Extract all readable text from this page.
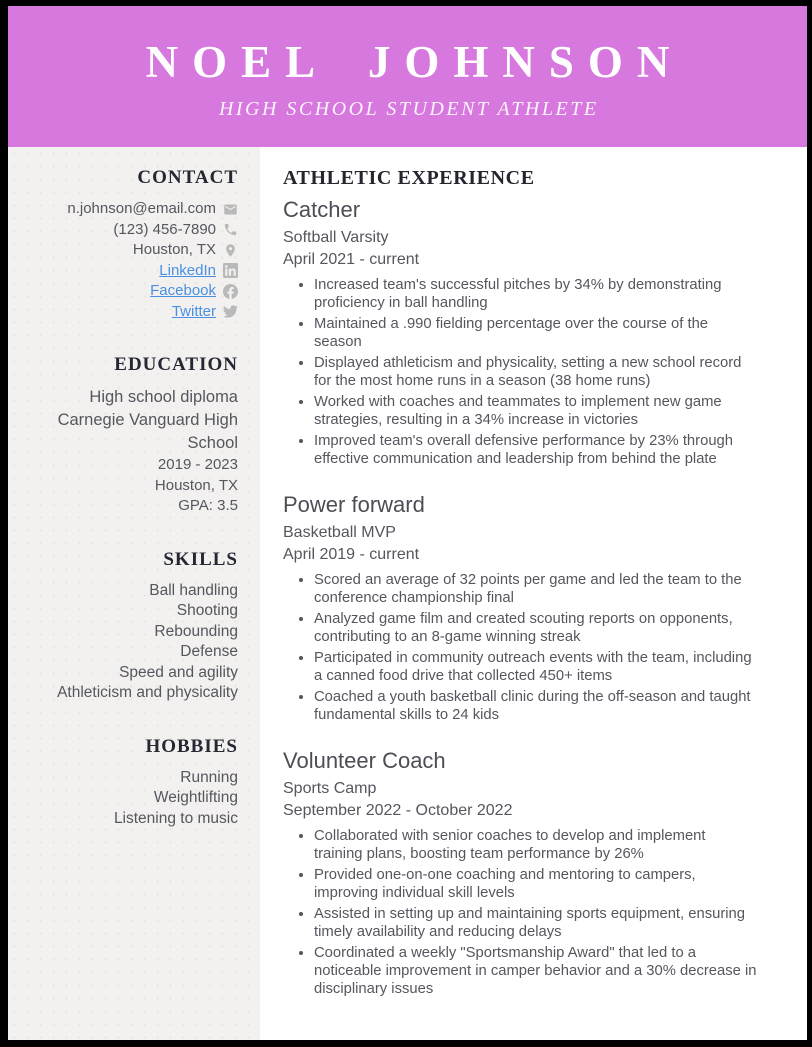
NOEL JOHNSON

HIGH SCHOOL STUDENT ATHLETE

CONTACT
n.johnson@email.com
(123) 456-7890
Houston, TX
LinkedIn
Facebook
Twitter
EDUCATION
High school diploma
Carnegie Vanguard High School
2019 - 2023
Houston, TX
GPA: 3.5
SKILLS
Ball handling
Shooting
Rebounding
Defense
Speed and agility
Athleticism and physicality
HOBBIES
Running
Weightlifting
Listening to music
ATHLETIC EXPERIENCE
Catcher
Softball Varsity
April 2021 - current
• Increased team's successful pitches by 34% by demonstrating proficiency in ball handling
• Maintained a .990 fielding percentage over the course of the season
• Displayed athleticism and physicality, setting a new school record for the most home runs in a season (38 home runs)
• Worked with coaches and teammates to implement new game strategies, resulting in a 34% increase in victories
• Improved team's overall defensive performance by 23% through effective communication and leadership from behind the plate
Power forward
Basketball MVP
April 2019 - current
• Scored an average of 32 points per game and led the team to the conference championship final
• Analyzed game film and created scouting reports on opponents, contributing to an 8-game winning streak
• Participated in community outreach events with the team, including a canned food drive that collected 450+ items
• Coached a youth basketball clinic during the off-season and taught fundamental skills to 24 kids
Volunteer Coach
Sports Camp
September 2022 - October 2022
• Collaborated with senior coaches to develop and implement training plans, boosting team performance by 26%
• Provided one-on-one coaching and mentoring to campers, improving individual skill levels
• Assisted in setting up and maintaining sports equipment, ensuring timely availability and reducing delays
• Coordinated a weekly "Sportsmanship Award" that led to a noticeable improvement in camper behavior and a 30% decrease in disciplinary issues
